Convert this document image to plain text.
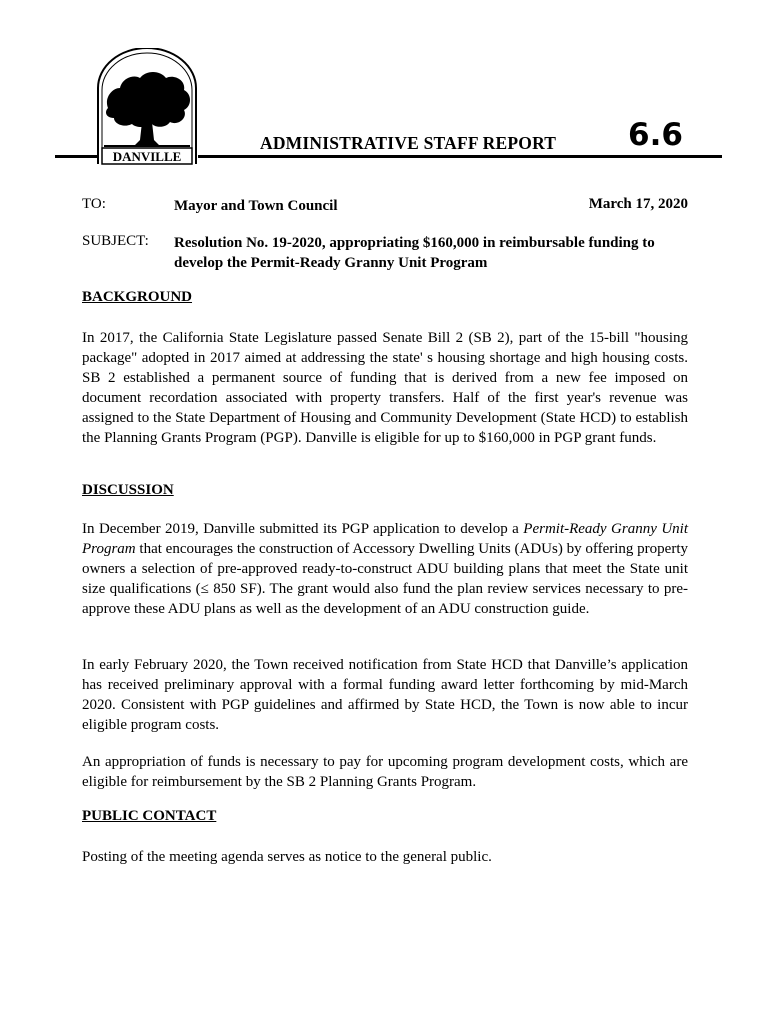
DANVILLE
ADMINISTRATIVE STAFF REPORT 6.6
TO:	Mayor and Town Council	March 17, 2020
SUBJECT: Resolution No. 19-2020, appropriating $160,000 in reimbursable funding to develop the Permit-Ready Granny Unit Program
BACKGROUND
In 2017, the California State Legislature passed Senate Bill 2 (SB 2), part of the 15-bill "housing package" adopted in 2017 aimed at addressing the state' s housing shortage and high housing costs. SB 2 established a permanent source of funding that is derived from a new fee imposed on document recordation associated with property transfers. Half of the first year's revenue was assigned to the State Department of Housing and Community Development (State HCD) to establish the Planning Grants Program (PGP). Danville is eligible for up to $160,000 in PGP grant funds.
DISCUSSION
In December 2019, Danville submitted its PGP application to develop a Permit-Ready Granny Unit Program that encourages the construction of Accessory Dwelling Units (ADUs) by offering property owners a selection of pre-approved ready-to-construct ADU building plans that meet the State unit size qualifications (≤ 850 SF). The grant would also fund the plan review services necessary to pre-approve these ADU plans as well as the development of an ADU construction guide.
In early February 2020, the Town received notification from State HCD that Danville’s application has received preliminary approval with a formal funding award letter forthcoming by mid-March 2020. Consistent with PGP guidelines and affirmed by State HCD, the Town is now able to incur eligible program costs.
An appropriation of funds is necessary to pay for upcoming program development costs, which are eligible for reimbursement by the SB 2 Planning Grants Program.
PUBLIC CONTACT
Posting of the meeting agenda serves as notice to the general public.
